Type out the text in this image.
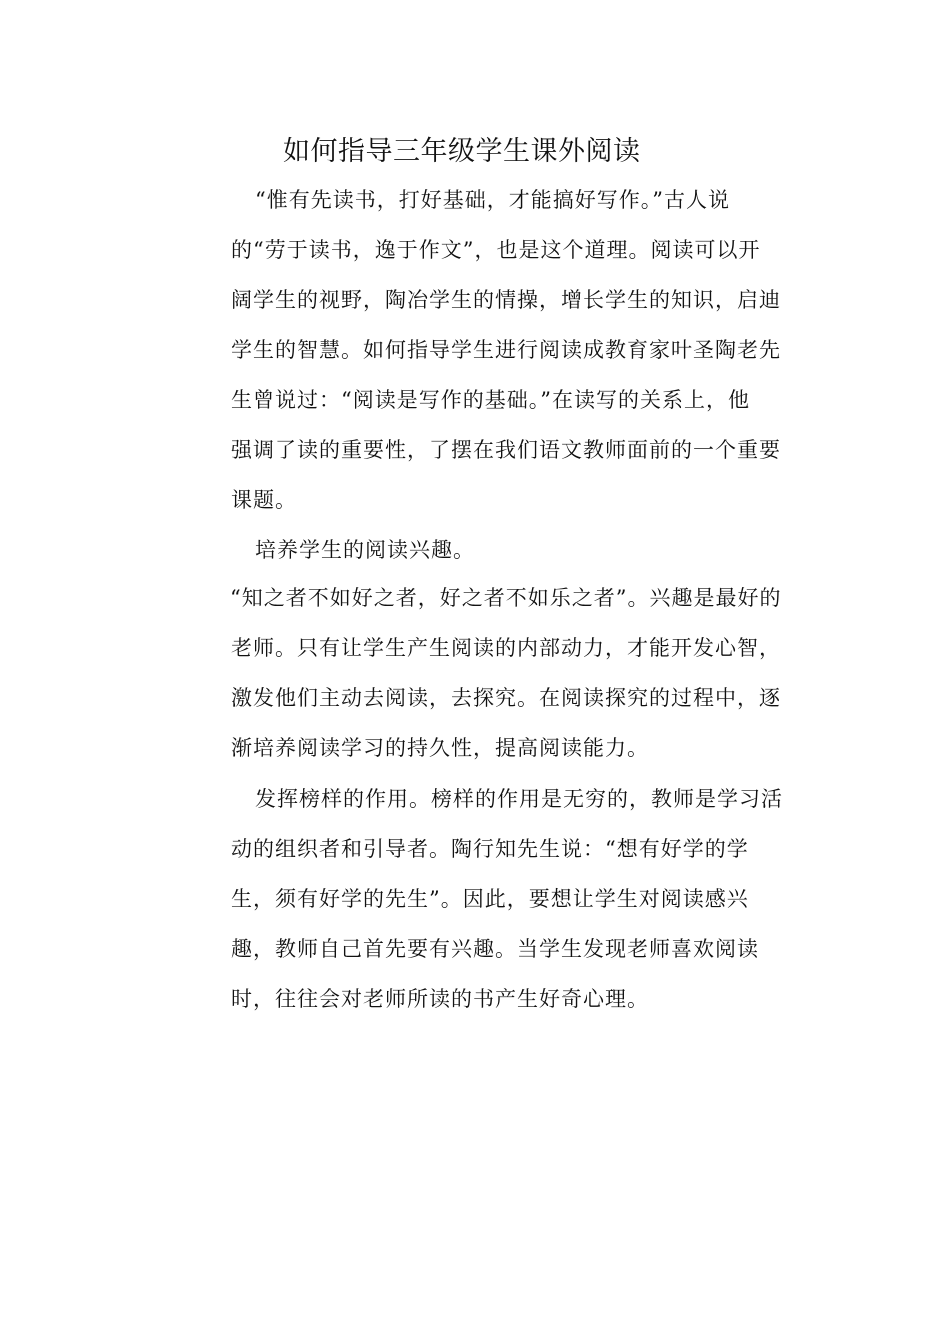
如何指导三年级学生课外阅读
“惟有先读书，打好基础，才能搞好写作。”古人说
的“劳于读书，逸于作文”，也是这个道理。阅读可以开
阔学生的视野，陶冶学生的情操，增长学生的知识，启迪
学生的智慧。如何指导学生进行阅读成教育家叶圣陶老先
生曾说过：“阅读是写作的基础。”在读写的关系上，他
强调了读的重要性，了摆在我们语文教师面前的一个重要
课题。
培养学生的阅读兴趣。
“知之者不如好之者，好之者不如乐之者”。兴趣是最好的
老师。只有让学生产生阅读的内部动力，才能开发心智，
激发他们主动去阅读，去探究。在阅读探究的过程中，逐
渐培养阅读学习的持久性，提高阅读能力。
发挥榜样的作用。榜样的作用是无穷的，教师是学习活
动的组织者和引导者。陶行知先生说：“想有好学的学
生，须有好学的先生”。因此，要想让学生对阅读感兴
趣，教师自己首先要有兴趣。当学生发现老师喜欢阅读
时，往往会对老师所读的书产生好奇心理。
